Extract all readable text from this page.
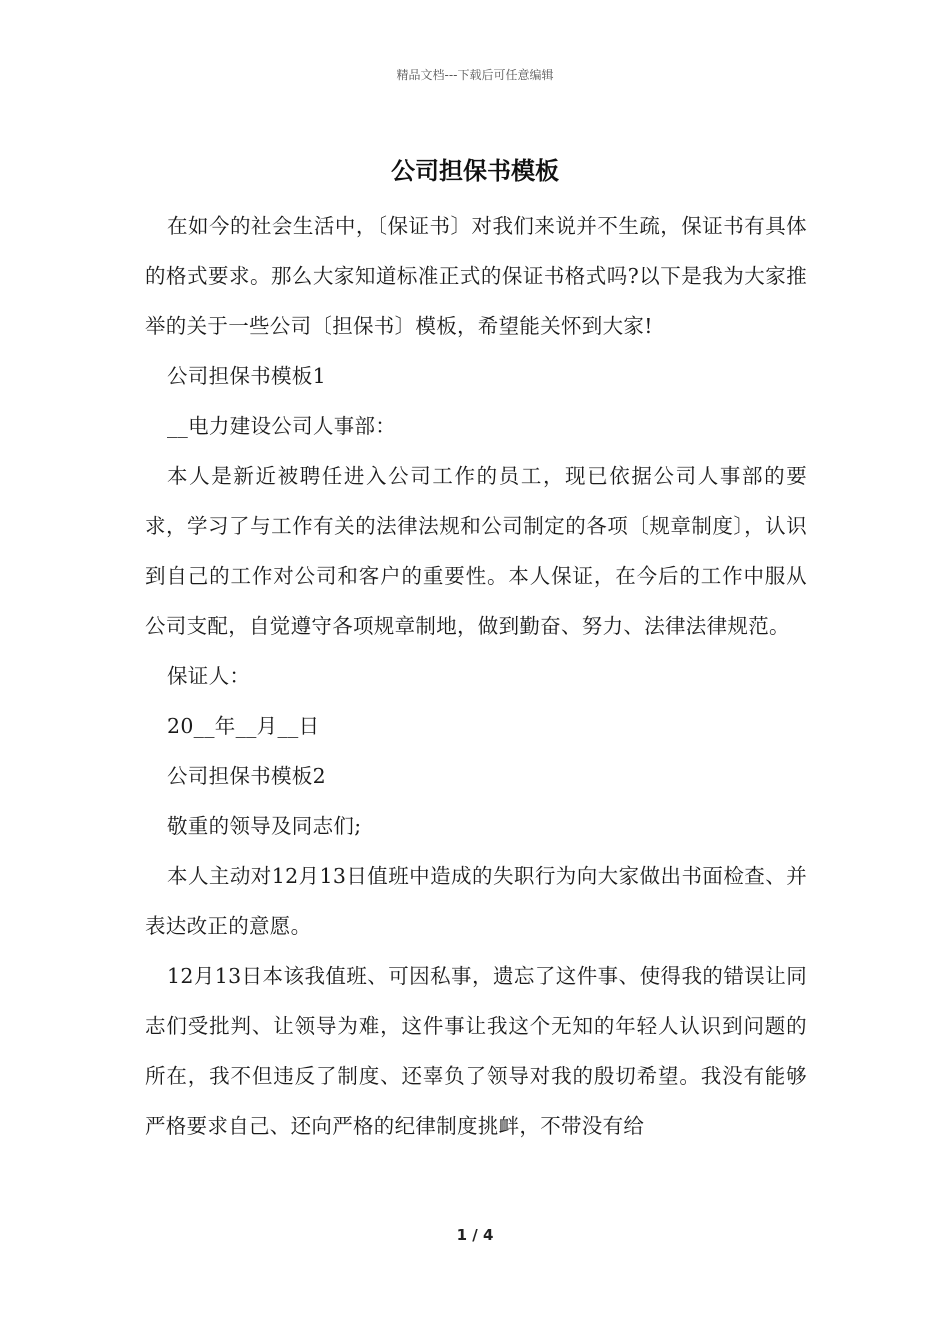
精品文档---下载后可任意编辑
公司担保书模板

在如今的社会生活中，〔保证书〕对我们来说并不生疏，保证书有具体的格式要求。那么大家知道标准正式的保证书格式吗?以下是我为大家推举的关于一些公司〔担保书〕模板，希望能关怀到大家!

公司担保书模板1

__电力建设公司人事部：

本人是新近被聘任进入公司工作的员工，现已依据公司人事部的要求，学习了与工作有关的法律法规和公司制定的各项〔规章制度〕，认识到自己的工作对公司和客户的重要性。本人保证，在今后的工作中服从公司支配，自觉遵守各项规章制地，做到勤奋、努力、法律法律规范。

保证人：

20__年__月__日

公司担保书模板2

敬重的领导及同志们;

本人主动对12月13日值班中造成的失职行为向大家做出书面检查、并表达改正的意愿。

12月13日本该我值班、可因私事，遗忘了这件事、使得我的错误让同志们受批判、让领导为难，这件事让我这个无知的年轻人认识到问题的所在，我不但违反了制度、还辜负了领导对我的殷切希望。我没有能够严格要求自己、还向严格的纪律制度挑衅，不带没有给

1 / 4
